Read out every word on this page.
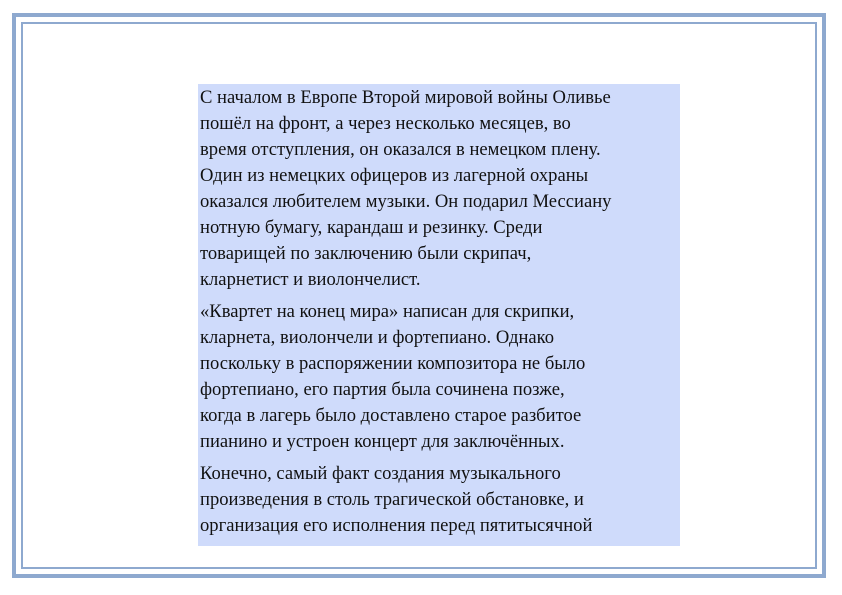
С началом в Европе Второй мировой войны Оливье
пошёл на фронт, а через несколько месяцев, во
время отступления, он оказался в немецком плену.
Один из немецких офицеров из лагерной охраны
оказался любителем музыки. Он подарил Мессиану
нотную бумагу, карандаш и резинку. Среди
товарищей по заключению были скрипач,
кларнетист и виолончелист.

«Квартет на конец мира» написан для скрипки,
кларнета, виолончели и фортепиано. Однако
поскольку в распоряжении композитора не было
фортепиано, его партия была сочинена позже,
когда в лагерь было доставлено старое разбитое
пианино и устроен концерт для заключённых.

Конечно, самый факт создания музыкального
произведения в столь трагической обстановке, и
организация его исполнения перед пятитысячной
